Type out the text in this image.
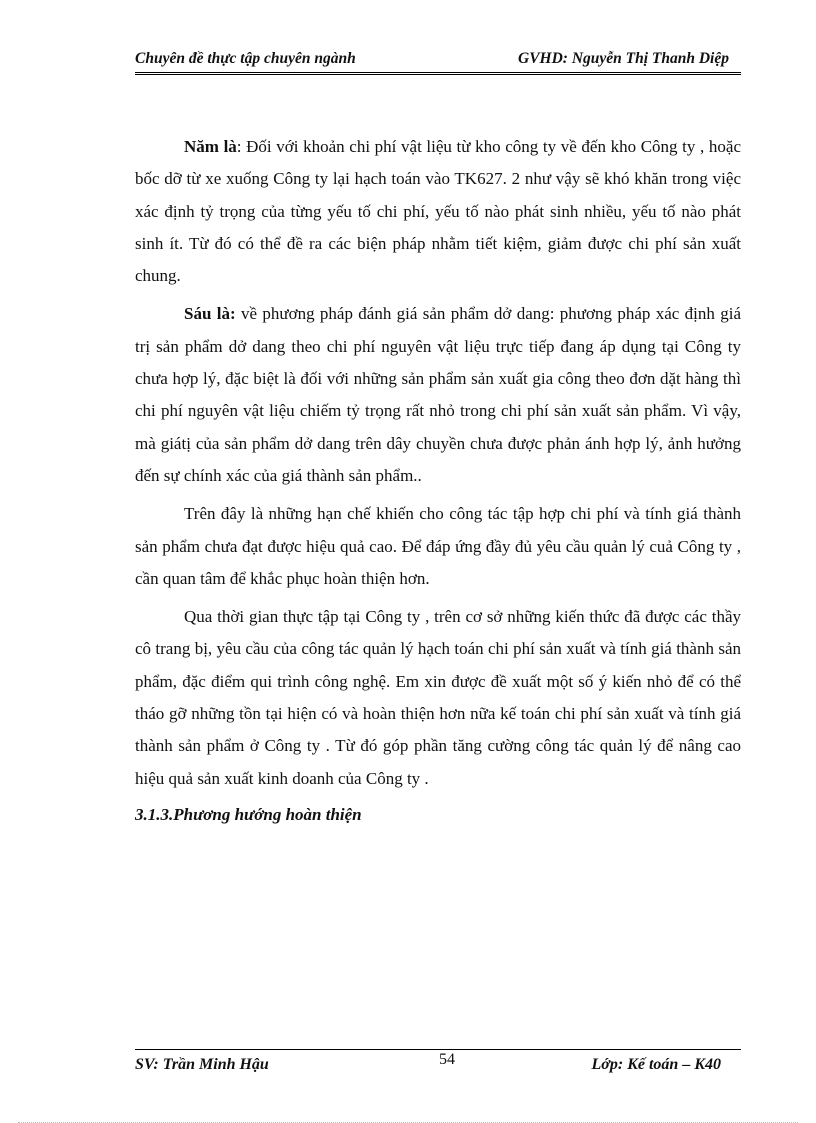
Chuyên đề thực tập chuyên ngành	GVHD: Nguyễn Thị Thanh Diệp

Năm là: Đối với khoản chi phí vật liệu từ kho công ty về đến kho Công ty , hoặc bốc dỡ từ xe xuống Công ty lại hạch toán vào TK627. 2 như vậy sẽ khó khăn trong việc xác định tỷ trọng của từng yếu tố chi phí, yếu tố nào phát sinh nhiều, yếu tố nào phát sinh ít. Từ đó có thể đề ra các biện pháp nhằm tiết kiệm, giảm được chi phí sản xuất chung.

Sáu là: về phương pháp đánh giá sản phẩm dở dang: phương pháp xác định giá trị sản phẩm dở dang theo chi phí nguyên vật liệu trực tiếp đang áp dụng tại Công ty chưa hợp lý, đặc biệt là đối với những sản phẩm sản xuất gia công theo đơn dặt hàng thì chi phí nguyên vật liệu chiếm tỷ trọng rất nhỏ trong chi phí sản xuất sản phẩm. Vì vậy, mà giátị của sản phẩm dở dang trên dây chuyền chưa được phản ánh hợp lý, ảnh hưởng đến sự chính xác của giá thành sản phẩm..

Trên đây là những hạn chế khiến cho công tác tập hợp chi phí và tính giá thành sản phẩm chưa đạt được hiệu quả cao. Để đáp ứng đầy đủ yêu cầu quản lý cuả Công ty , cần quan tâm để khắc phục hoàn thiện hơn.

Qua thời gian thực tập tại Công ty , trên cơ sở những kiến thức đã được các thầy cô trang bị, yêu cầu của công tác quản lý hạch toán chi phí sản xuất và tính giá thành sản phẩm, đặc điểm qui trình công nghệ. Em xin được đề xuất một số ý kiến nhỏ để có thể tháo gỡ những tồn tại hiện có và hoàn thiện hơn nữa kế toán chi phí sản xuất và tính giá thành sản phẩm ở Công ty . Từ đó góp phần tăng cường công tác quản lý để nâng cao hiệu quả sản xuất kinh doanh của Công ty .

3.1.3.Phương hướng hoàn thiện

SV: Trần Minh Hậu	54	Lớp: Kế toán – K40
